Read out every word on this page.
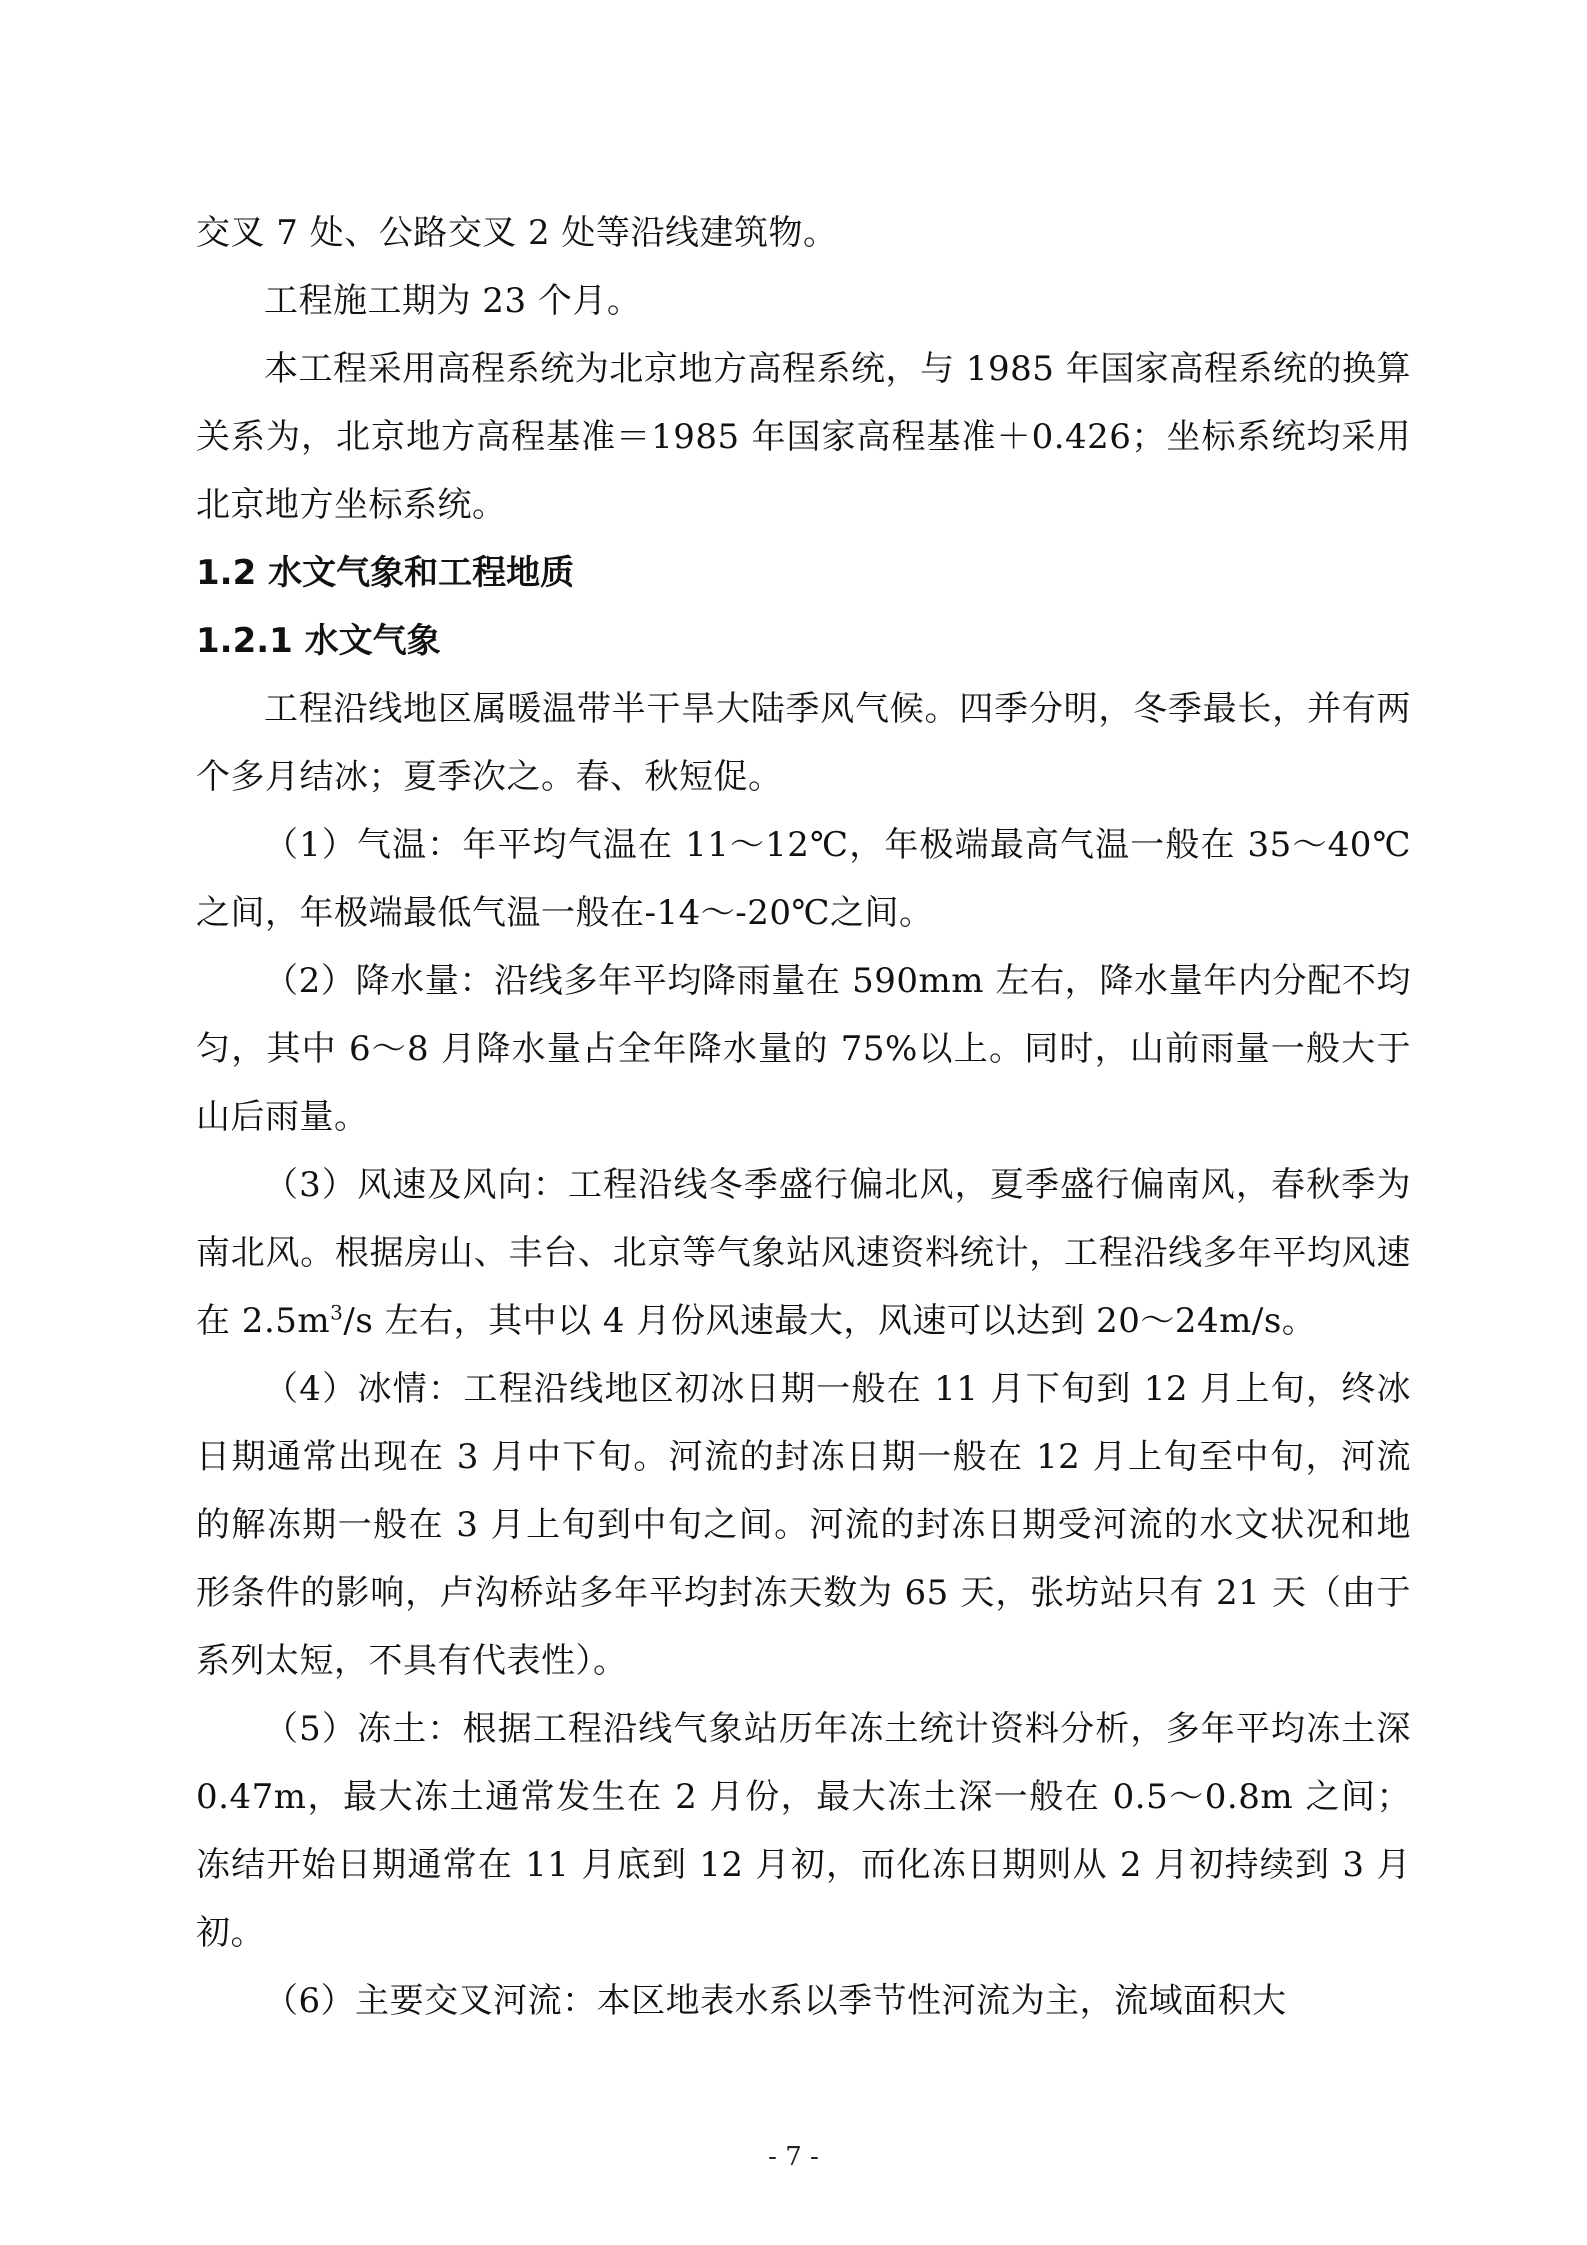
交叉 7 处、公路交叉 2 处等沿线建筑物。

工程施工期为 23 个月。

本工程采用高程系统为北京地方高程系统，与 1985 年国家高程系统的换算关系为，北京地方高程基准＝1985 年国家高程基准＋0.426；坐标系统均采用北京地方坐标系统。

1.2 水文气象和工程地质

1.2.1 水文气象

工程沿线地区属暖温带半干旱大陆季风气候。四季分明，冬季最长，并有两个多月结冰；夏季次之。春、秋短促。

（1）气温：年平均气温在 11～12℃，年极端最高气温一般在 35～40℃之间，年极端最低气温一般在-14～-20℃之间。

（2）降水量：沿线多年平均降雨量在 590mm 左右，降水量年内分配不均匀，其中 6～8 月降水量占全年降水量的 75%以上。同时，山前雨量一般大于山后雨量。

（3）风速及风向：工程沿线冬季盛行偏北风，夏季盛行偏南风，春秋季为南北风。根据房山、丰台、北京等气象站风速资料统计，工程沿线多年平均风速在 $2.5m^3/s$ 左右，其中以 4 月份风速最大，风速可以达到 20～24m/s。

（4）冰情：工程沿线地区初冰日期一般在 11 月下旬到 12 月上旬，终冰日期通常出现在 3 月中下旬。河流的封冻日期一般在 12 月上旬至中旬，河流的解冻期一般在 3 月上旬到中旬之间。河流的封冻日期受河流的水文状况和地形条件的影响，卢沟桥站多年平均封冻天数为 65 天，张坊站只有 21 天（由于系列太短，不具有代表性）。

（5）冻土：根据工程沿线气象站历年冻土统计资料分析，多年平均冻土深 0.47m，最大冻土通常发生在 2 月份，最大冻土深一般在 0.5～0.8m 之间；冻结开始日期通常在 11 月底到 12 月初，而化冻日期则从 2 月初持续到 3 月初。

（6）主要交叉河流：本区地表水系以季节性河流为主，流域面积大

- 7 -
